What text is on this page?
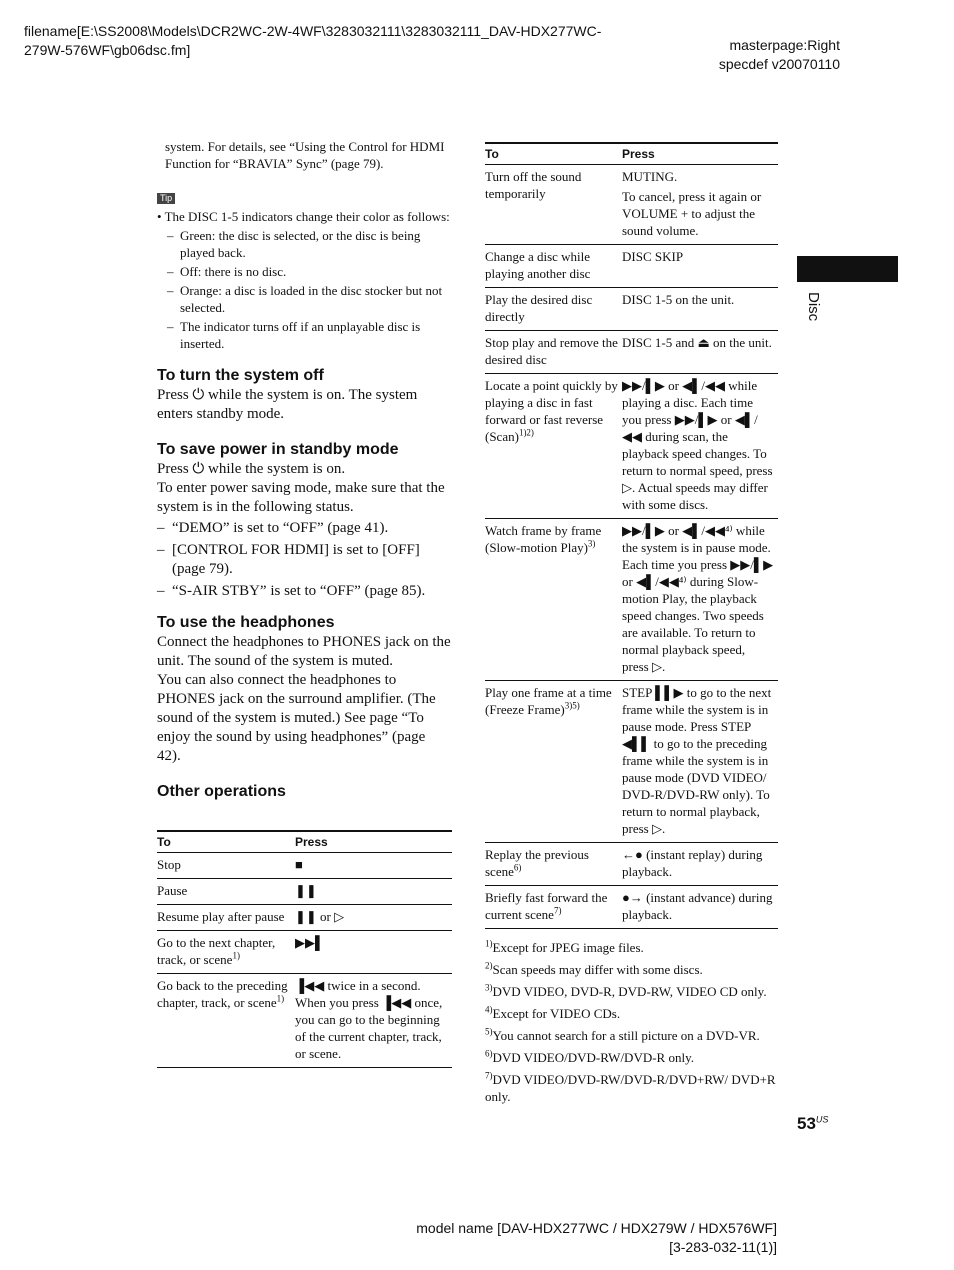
filename[E:\SS2008\Models\DCR2WC-2W-4WF\3283032111\3283032111_DAV-HDX277WC-
279W-576WF\gb06dsc.fm]	masterpage:Right
specdef v20070110
Disc
system. For details, see “Using the Control for HDMI
Function for “BRAVIA” Sync” (page 79).
Tip
• The DISC 1-5 indicators change their color as follows:
– Green: the disc is selected, or the disc is being played back.
– Off: there is no disc.
– Orange: a disc is loaded in the disc stocker but not selected.
– The indicator turns off if an unplayable disc is inserted.
To turn the system off
Press ⏻ while the system is on. The system enters standby mode.
To save power in standby mode
Press ⏻ while the system is on.
To enter power saving mode, make sure that the system is in the following status.
– “DEMO” is set to “OFF” (page 41).
– [CONTROL FOR HDMI] is set to [OFF] (page 79).
– “S-AIR STBY” is set to “OFF” (page 85).
To use the headphones
Connect the headphones to PHONES jack on the unit. The sound of the system is muted.
You can also connect the headphones to PHONES jack on the surround amplifier. (The sound of the system is muted.) See page “To enjoy the sound by using headphones” (page 42).
Other operations
To	Press
Stop	■
Pause	❚❚
Resume play after pause	❚❚ or ▷
Go to the next chapter, track, or scene$^{1)}$	▶▶▌
Go back to the preceding chapter, track, or scene$^{1)}$	▐◀◀ twice in a second.
When you press ▐◀◀ once, you can go to the beginning of the current chapter, track, or scene.
To	Press
Turn off the sound temporarily	MUTING.
To cancel, press it again or VOLUME + to adjust the sound volume.

Change a disc while playing another disc	DISC SKIP
Play the desired disc directly	DISC 1-5 on the unit.
Stop play and remove the desired disc	DISC 1-5 and ⏏ on the unit.
Locate a point quickly by playing a disc in fast forward or fast reverse (Scan)$^{1)2)}$	▶▶/▌▶ or ◀▌/◀◀ while playing a disc. Each time you press ▶▶/▌▶ or ◀▌/◀◀ during scan, the playback speed changes. To return to normal speed, press ▷. Actual speeds may differ with some discs.
Watch frame by frame (Slow-motion Play)$^{3)}$	▶▶/▌▶ or ◀▌/◀◀⁴⁾ while the system is in pause mode. Each time you press ▶▶/▌▶ or ◀▌/◀◀⁴⁾ during Slow-motion Play, the playback speed changes. Two speeds are available. To return to normal playback speed, press ▷.
Play one frame at a time (Freeze Frame)$^{3)5)}$	STEP ▌▌▶ to go to the next frame while the system is in pause mode. Press STEP ◀▌▌ to go to the preceding frame while the system is in pause mode (DVD VIDEO/ DVD-R/DVD-RW only). To return to normal playback, press ▷.
Replay the previous scene$^{6)}$	←● (instant replay) during playback.
Briefly fast forward the current scene$^{7)}$	●→ (instant advance) during playback.
$^{1)}$Except for JPEG image files.
$^{2)}$Scan speeds may differ with some discs.
$^{3)}$DVD VIDEO, DVD-R, DVD-RW, VIDEO CD only.
$^{4)}$Except for VIDEO CDs.
$^{5)}$You cannot search for a still picture on a DVD-VR.
$^{6)}$DVD VIDEO/DVD-RW/DVD-R only.
$^{7)}$DVD VIDEO/DVD-RW/DVD-R/DVD+RW/ DVD+R only.
$53^{US}$
model name [DAV-HDX277WC / HDX279W / HDX576WF]
[3-283-032-11(1)]
